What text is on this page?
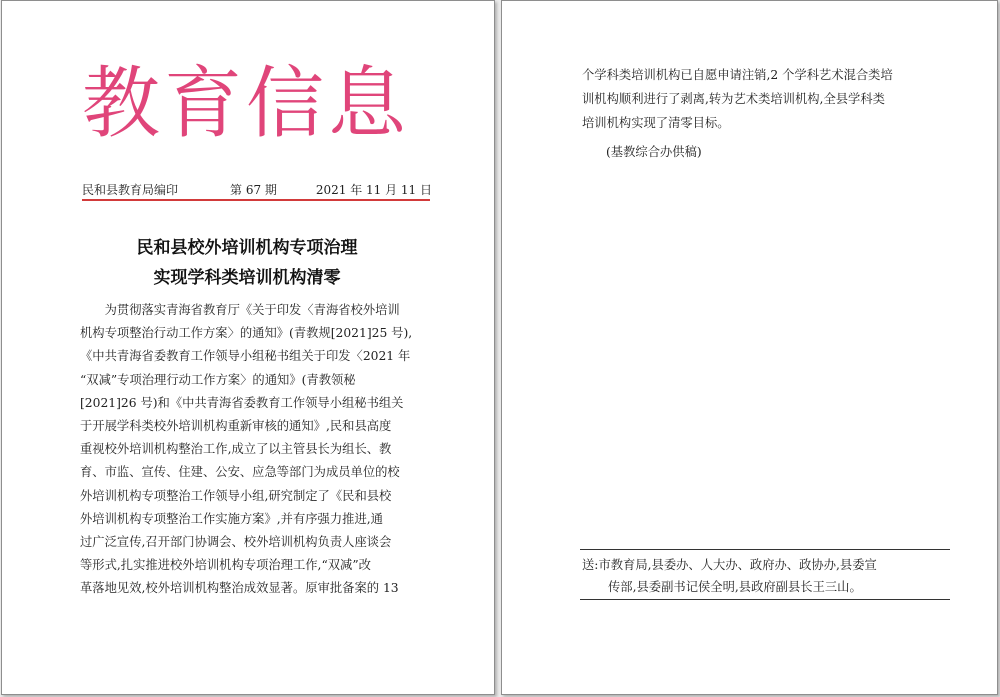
教育信息
民和县教育局编印	第 67 期	2021 年 11 月 11 日
民和县校外培训机构专项治理
实现学科类培训机构清零
为贯彻落实青海省教育厅《关于印发〈青海省校外培训
机构专项整治行动工作方案〉的通知》(青教规[2021]25 号),
《中共青海省委教育工作领导小组秘书组关于印发〈2021 年
“双减”专项治理行动工作方案〉的通知》(青教领秘
[2021]26 号)和《中共青海省委教育工作领导小组秘书组关
于开展学科类校外培训机构重新审核的通知》,民和县高度
重视校外培训机构整治工作,成立了以主管县长为组长、教
育、市监、宣传、住建、公安、应急等部门为成员单位的校
外培训机构专项整治工作领导小组,研究制定了《民和县校
外培训机构专项整治工作实施方案》,并有序强力推进,通
过广泛宣传,召开部门协调会、校外培训机构负责人座谈会
等形式,扎实推进校外培训机构专项治理工作,“双减”改
革落地见效,校外培训机构整治成效显著。原审批备案的 13
个学科类培训机构已自愿申请注销,2 个学科艺术混合类培
训机构顺利进行了剥离,转为艺术类培训机构,全县学科类
培训机构实现了清零目标。
(基教综合办供稿)
送:市教育局,县委办、人大办、政府办、政协办,县委宣
传部,县委副书记侯全明,县政府副县长王三山。
